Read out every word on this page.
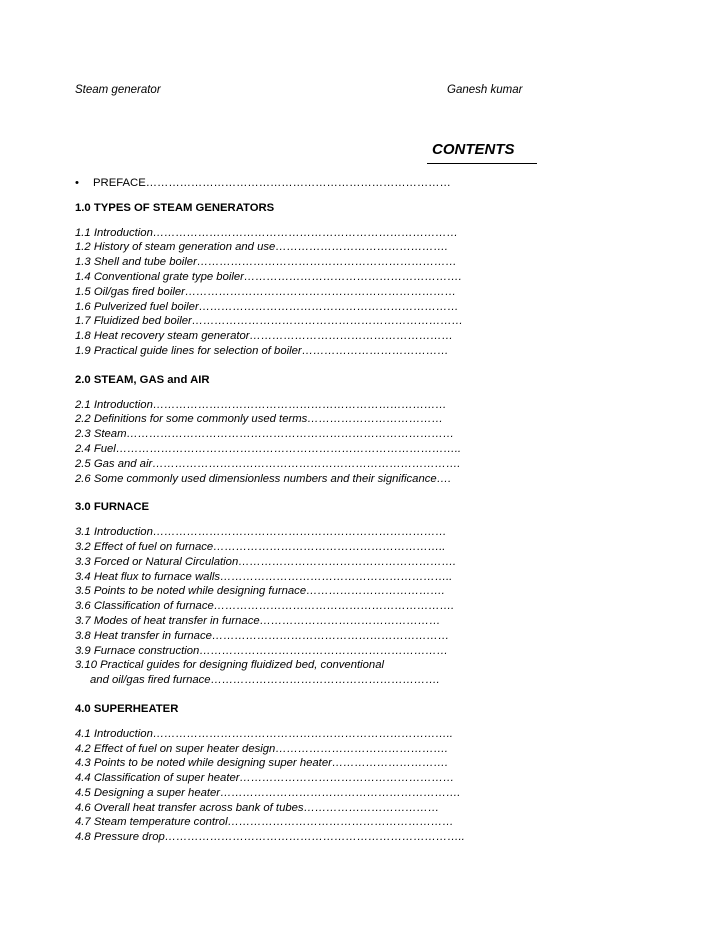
Steam generator	Ganesh kumar
CONTENTS
• PREFACE………………………………………………………………………
1.0 TYPES OF STEAM GENERATORS
1.1 Introduction………………………………………………………………………
1.2 History of steam generation and use……………………………………….
1.3 Shell and tube boiler……………………………………………………………
1.4 Conventional grate type boiler………………………………………………….
1.5 Oil/gas fired boiler………………………………………………………………
1.6 Pulverized fuel boiler……………………………………………………………
1.7 Fluidized bed boiler………………………………………………………………
1.8 Heat recovery steam generator………………………………………………
1.9 Practical guide lines for selection of boiler…………………………………
2.0 STEAM, GAS and AIR
2.1 Introduction……………………………………………………………………
2.2 Definitions for some commonly used terms………………………………
2.3 Steam……………………………………………………………………………
2.4 Fuel………………………………………………………………………………..
2.5 Gas and air……………………………………………………………………….
2.6 Some commonly used dimensionless numbers and their significance….
3.0 FURNACE
3.1 Introduction……………………………………………………………………
3.2 Effect of fuel on furnace……………………………………………………..
3.3 Forced or Natural Circulation………………………………………………….
3.4 Heat flux to furnace walls……………………………………………………..
3.5 Points to be noted while designing furnace……………………………….
3.6 Classification of furnace……………………………………………………….
3.7 Modes of heat transfer in furnace…………………………………………
3.8 Heat transfer in furnace………………………………………………………
3.9 Furnace construction…………………………………………………………
3.10 Practical guides for designing fluidized bed, conventional
and oil/gas fired furnace…………………………………………………….
4.0 SUPERHEATER
4.1 Introduction……………………………………………………………………..
4.2 Effect of fuel on super heater design……………………………………….
4.3 Points to be noted while designing super heater………………………….
4.4 Classification of super heater…………………………………………………
4.5 Designing a super heater……………………………………………………….
4.6 Overall heat transfer across bank of tubes………………………………
4.7 Steam temperature control……………………………………………………
4.8 Pressure drop……………………………………………………………………..
